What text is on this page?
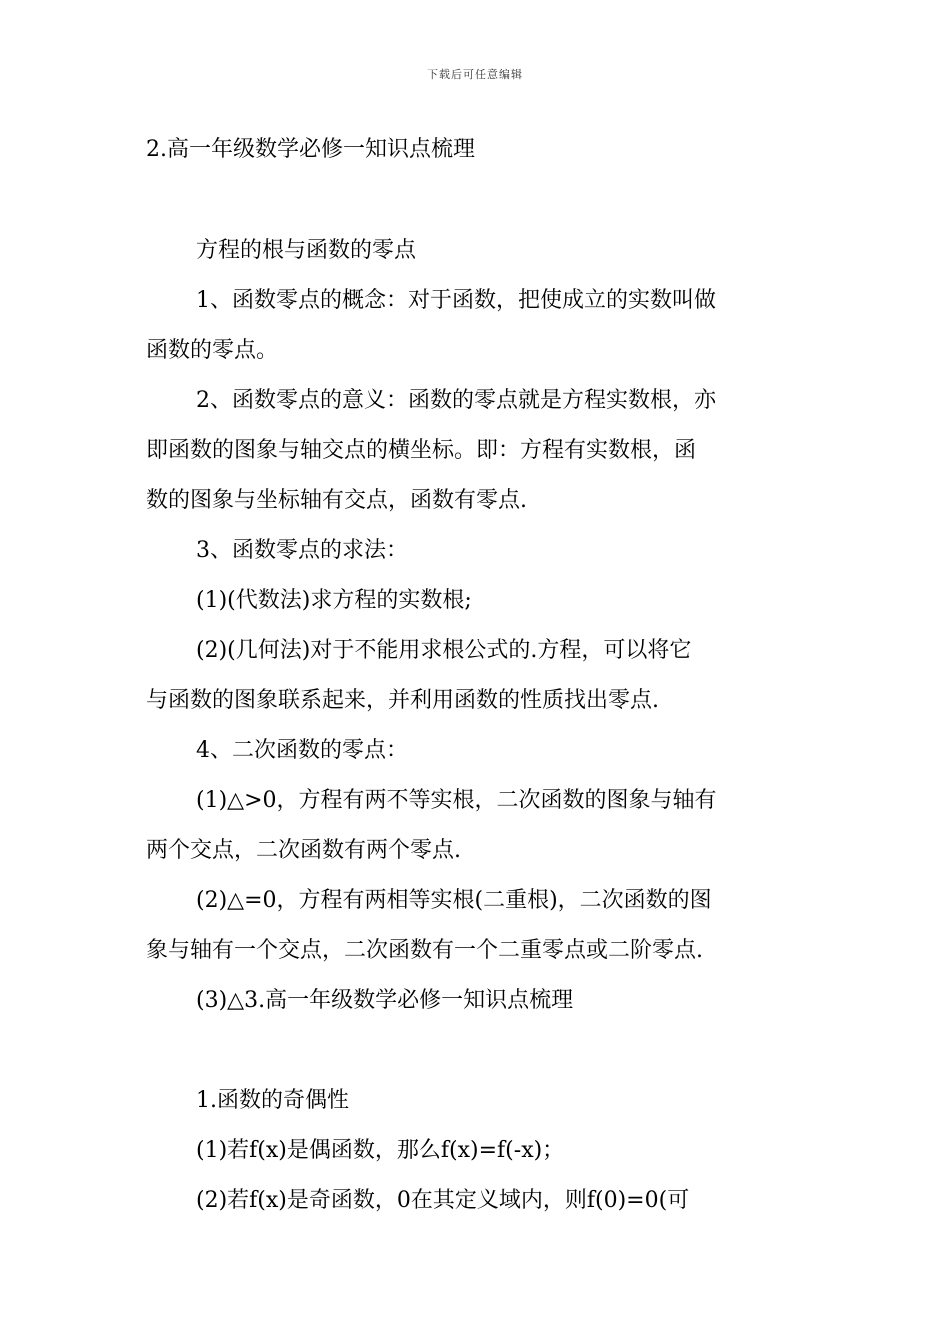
下载后可任意编辑
2.高一年级数学必修一知识点梳理

方程的根与函数的零点

1、函数零点的概念：对于函数，把使成立的实数叫做
函数的零点。

2、函数零点的意义：函数的零点就是方程实数根，亦
即函数的图象与轴交点的横坐标。即：方程有实数根，函
数的图象与坐标轴有交点，函数有零点.

3、函数零点的求法：

(1)(代数法)求方程的实数根;

(2)(几何法)对于不能用求根公式的.方程，可以将它
与函数的图象联系起来，并利用函数的性质找出零点.

4、二次函数的零点：

(1)△>0，方程有两不等实根，二次函数的图象与轴有
两个交点，二次函数有两个零点.

(2)△=0，方程有两相等实根(二重根)，二次函数的图
象与轴有一个交点，二次函数有一个二重零点或二阶零点.

(3)△3.高一年级数学必修一知识点梳理

1.函数的奇偶性

(1)若f(x)是偶函数，那么f(x)=f(-x)；

(2)若f(x)是奇函数，0在其定义域内，则f(0)=0(可
